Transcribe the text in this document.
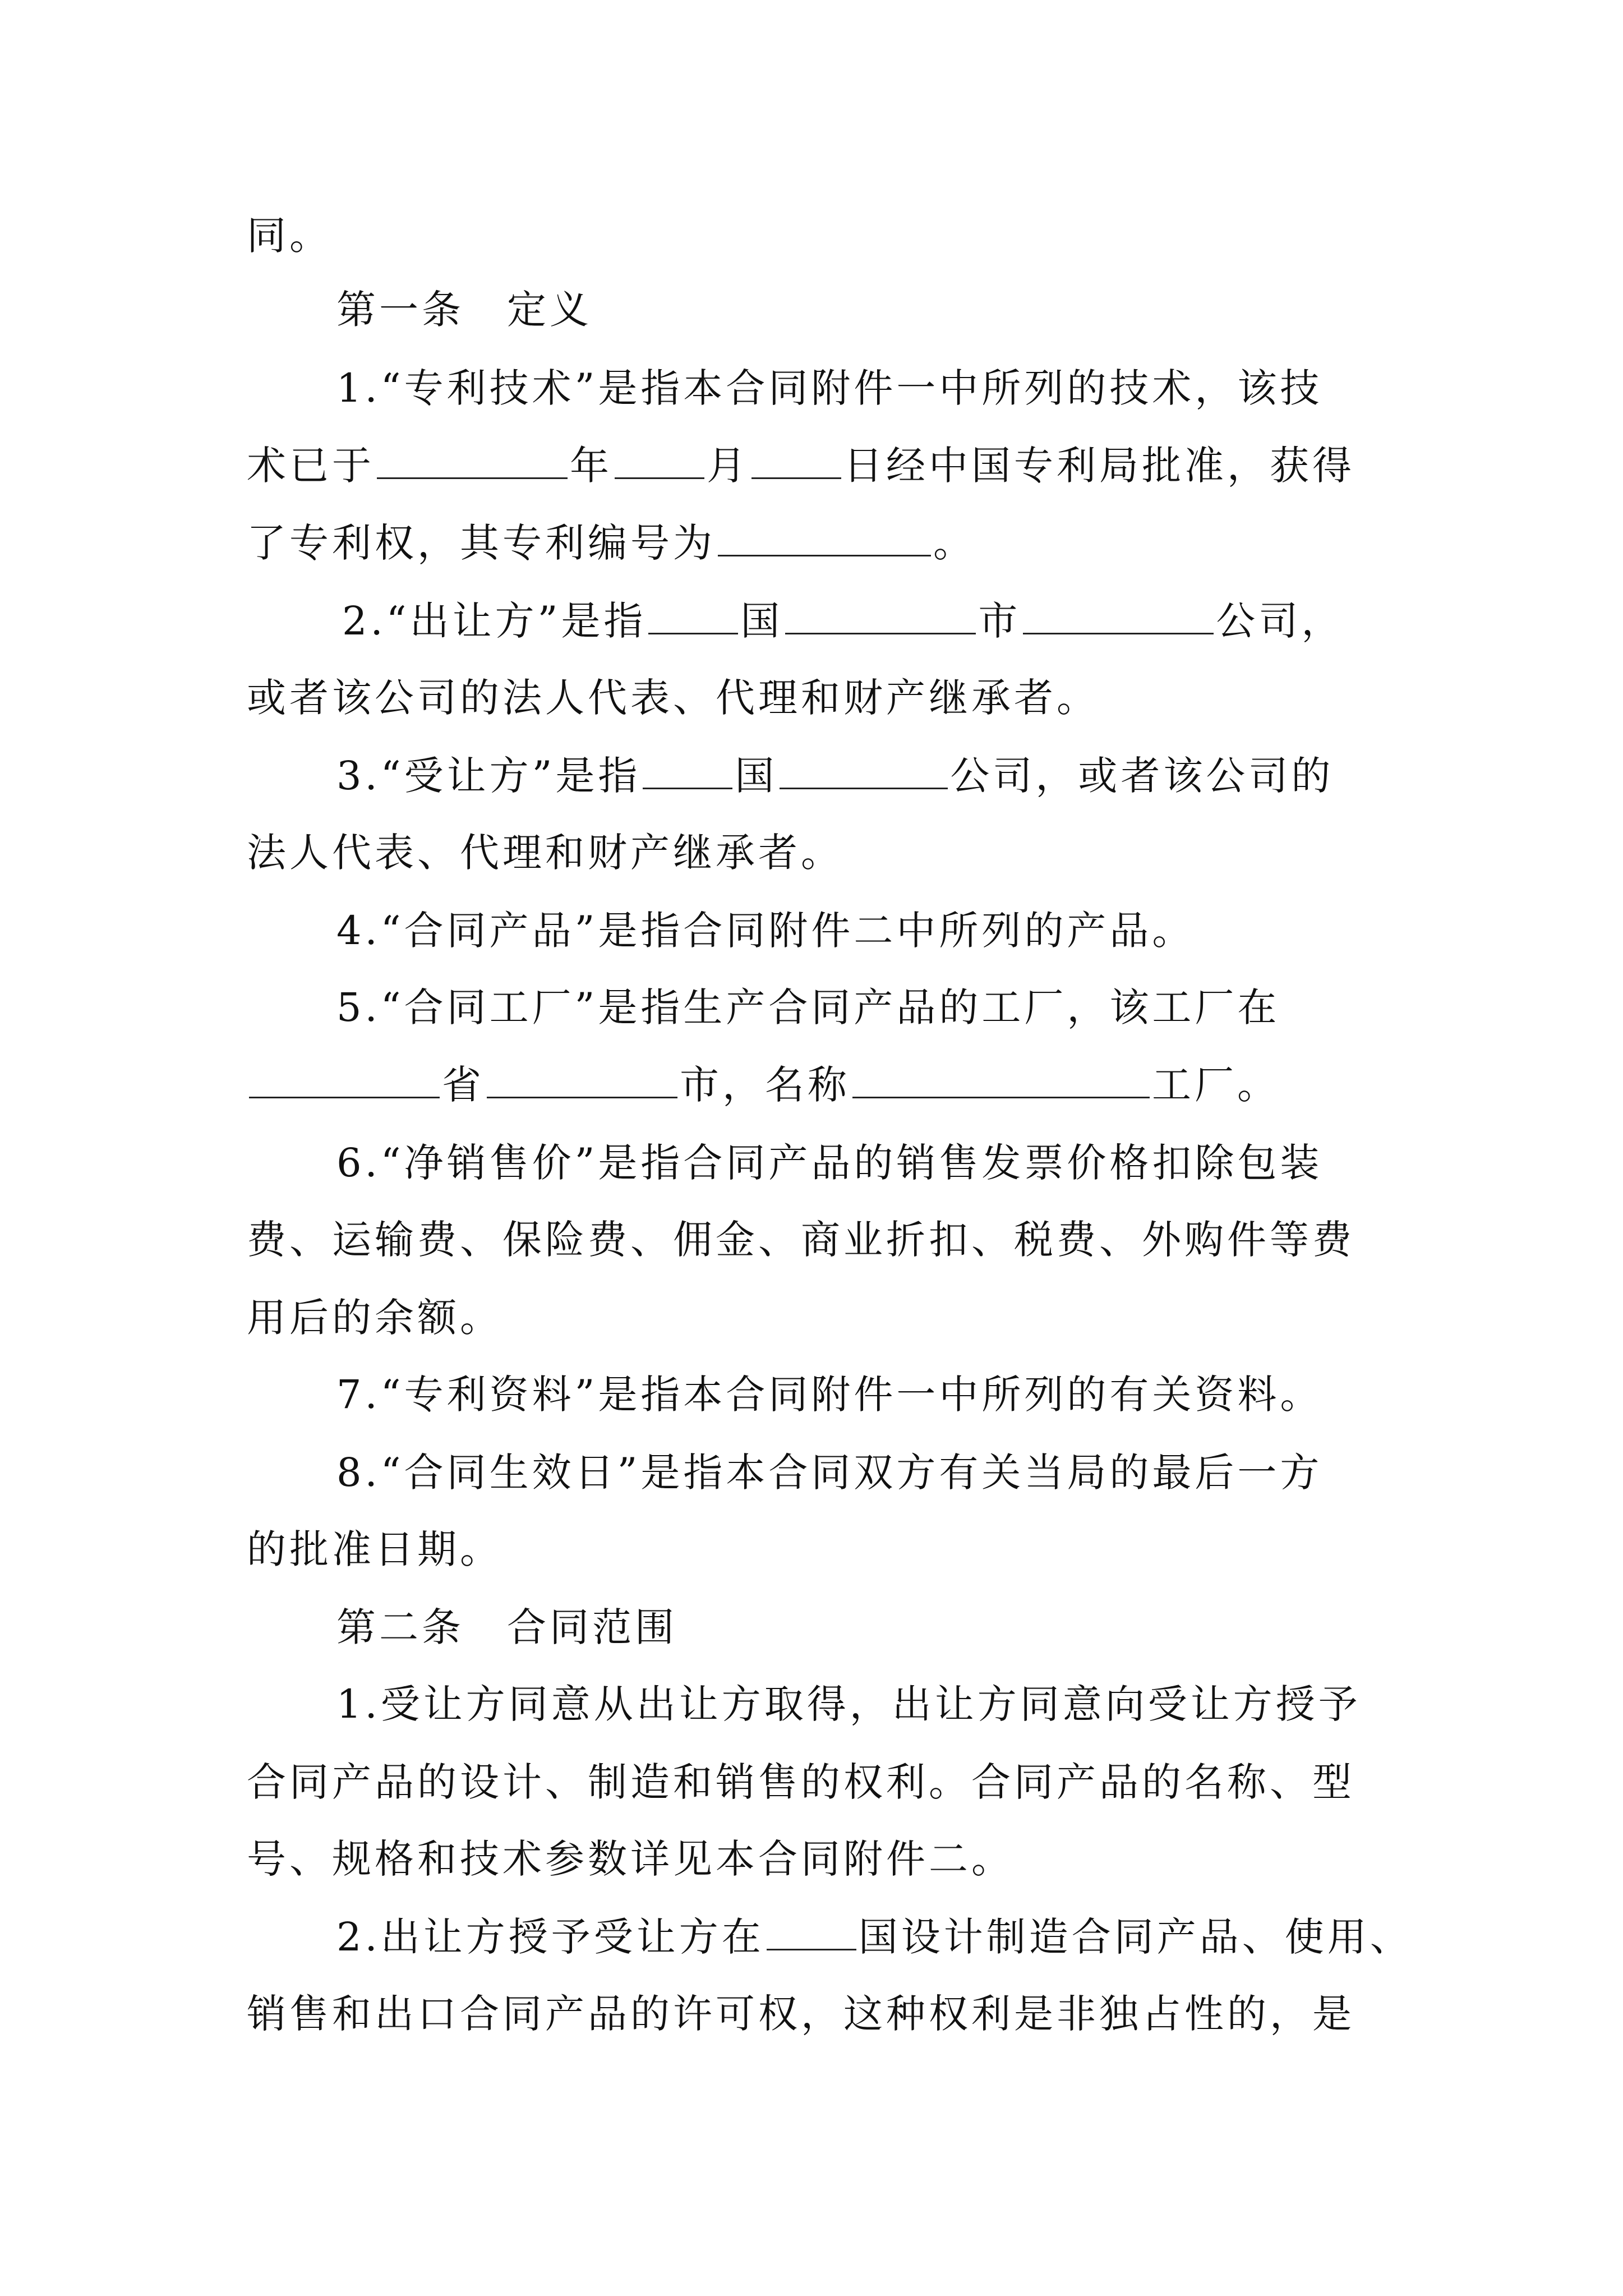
同。
第一条　定义
1.“专利技术”是指本合同附件一中所列的技术，该技
术已于	年 月 日经中国专利局批准，获得
了专利权，其专利编号为	。
2.“出让方”是指 国	市	公司，
或者该公司的法人代表、代理和财产继承者。
3.“受让方”是指 国	公司，或者该公司的
法人代表、代理和财产继承者。
4.“合同产品”是指合同附件二中所列的产品。
5.“合同工厂”是指生产合同产品的工厂，该工厂在
省	市，名称	工厂。
6.“净销售价”是指合同产品的销售发票价格扣除包装
费、运输费、保险费、佣金、商业折扣、税费、外购件等费
用后的余额。
7.“专利资料”是指本合同附件一中所列的有关资料。
8.“合同生效日”是指本合同双方有关当局的最后一方
的批准日期。
第二条　合同范围
1.受让方同意从出让方取得，出让方同意向受让方授予
合同产品的设计、制造和销售的权利。合同产品的名称、型
号、规格和技术参数详见本合同附件二。
2.出让方授予受让方在 国设计制造合同产品、使用、
销售和出口合同产品的许可权，这种权利是非独占性的，是
